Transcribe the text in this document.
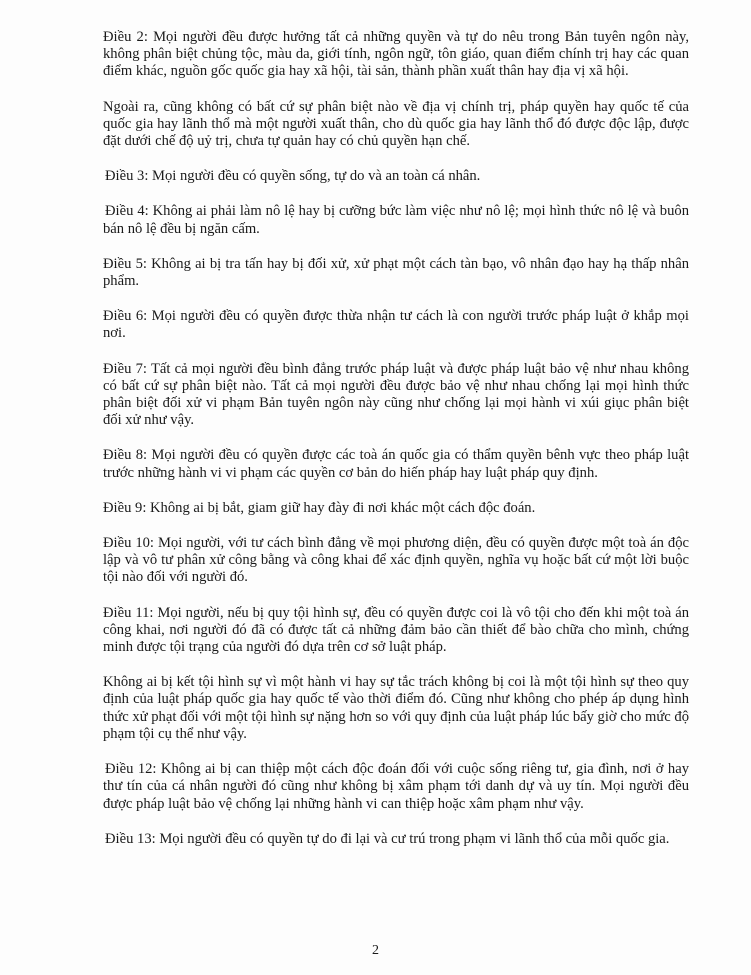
Điều 2: Mọi người đều được hưởng tất cả những quyền và tự do nêu trong Bản tuyên ngôn này, không phân biệt chủng tộc, màu da, giới tính, ngôn ngữ, tôn giáo, quan điểm chính trị hay các quan điểm khác, nguồn gốc quốc gia hay xã hội, tài sản, thành phần xuất thân hay địa vị xã hội.

Ngoài ra, cũng không có bất cứ sự phân biệt nào về địa vị chính trị, pháp quyền hay quốc tế của quốc gia hay lãnh thổ mà một người xuất thân, cho dù quốc gia hay lãnh thổ đó được độc lập, được đặt dưới chế độ uỷ trị, chưa tự quản hay có chủ quyền hạn chế.

Điều 3: Mọi người đều có quyền sống, tự do và an toàn cá nhân.

Điều 4: Không ai phải làm nô lệ hay bị cưỡng bức làm việc như nô lệ; mọi hình thức nô lệ và buôn bán nô lệ đều bị ngăn cấm.

Điều 5: Không ai bị tra tấn hay bị đối xử, xử phạt một cách tàn bạo, vô nhân đạo hay hạ thấp nhân phẩm.

Điều 6: Mọi người đều có quyền được thừa nhận tư cách là con người trước pháp luật ở khắp mọi nơi.

Điều 7: Tất cả mọi người đều bình đẳng trước pháp luật và được pháp luật bảo vệ như nhau không có bất cứ sự phân biệt nào. Tất cả mọi người đều được bảo vệ như nhau chống lại mọi hình thức phân biệt đối xử vi phạm Bản tuyên ngôn này cũng như chống lại mọi hành vi xúi giục phân biệt đối xử như vậy.

Điều 8: Mọi người đều có quyền được các toà án quốc gia có thẩm quyền bênh vực theo pháp luật trước những hành vi vi phạm các quyền cơ bản do hiến pháp hay luật pháp quy định.

Điều 9: Không ai bị bắt, giam giữ hay đày đi nơi khác một cách độc đoán.

Điều 10: Mọi người, với tư cách bình đẳng về mọi phương diện, đều có quyền được một toà án độc lập và vô tư phân xử công bằng và công khai để xác định quyền, nghĩa vụ hoặc bất cứ một lời buộc tội nào đối với người đó.

Điều 11: Mọi người, nếu bị quy tội hình sự, đều có quyền được coi là vô tội cho đến khi một toà án công khai, nơi người đó đã có được tất cả những đảm bảo cần thiết để bào chữa cho mình, chứng minh được tội trạng của người đó dựa trên cơ sở luật pháp.

Không ai bị kết tội hình sự vì một hành vi hay sự tắc trách không bị coi là một tội hình sự theo quy định của luật pháp quốc gia hay quốc tế vào thời điểm đó. Cũng như không cho phép áp dụng hình thức xử phạt đối với một tội hình sự nặng hơn so với quy định của luật pháp lúc bấy giờ cho mức độ phạm tội cụ thể như vậy.

Điều 12: Không ai bị can thiệp một cách độc đoán đối với cuộc sống riêng tư, gia đình, nơi ở hay thư tín của cá nhân người đó cũng như không bị xâm phạm tới danh dự và uy tín. Mọi người đều được pháp luật bảo vệ chống lại những hành vi can thiệp hoặc xâm phạm như vậy.

Điều 13: Mọi người đều có quyền tự do đi lại và cư trú trong phạm vi lãnh thổ của mỗi quốc gia.

2
